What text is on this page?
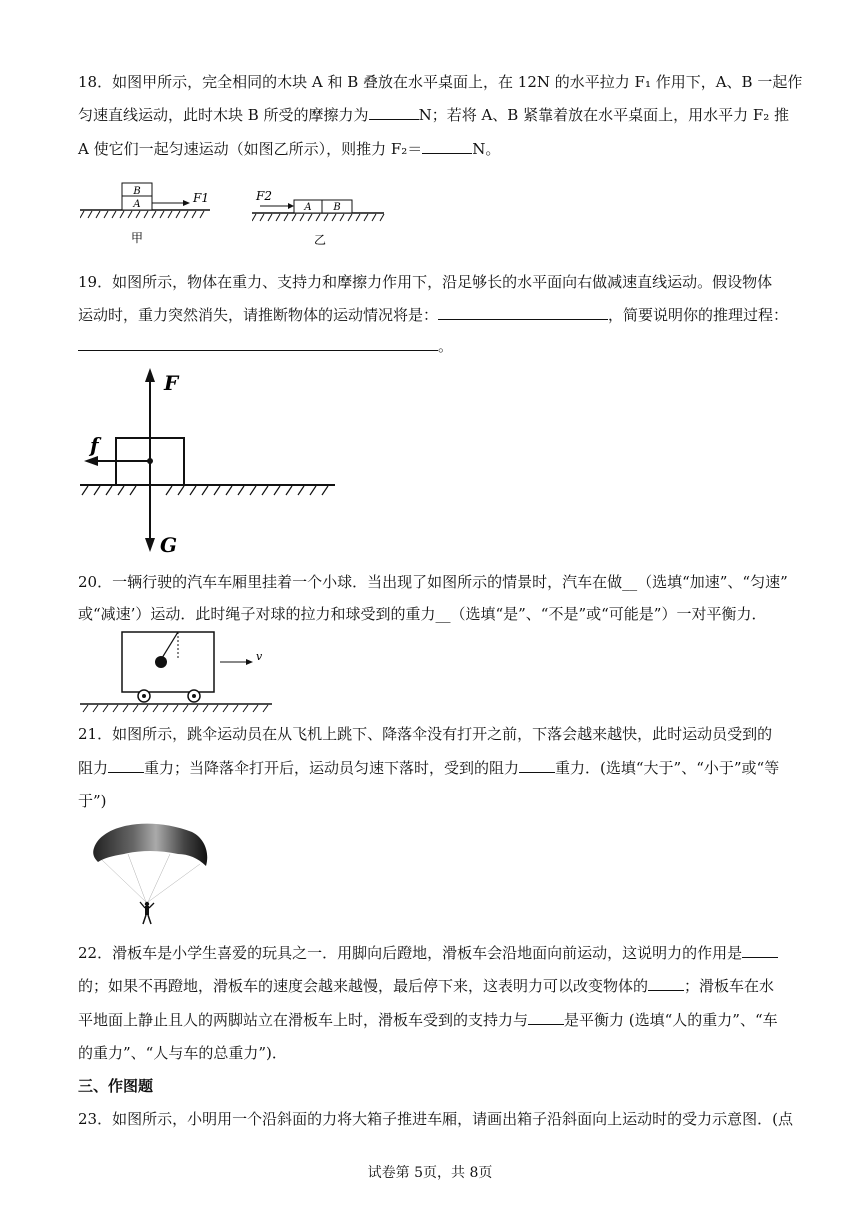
18．如图甲所示，完全相同的木块 A 和 B 叠放在水平桌面上，在 12N 的水平拉力 F₁ 作用下，A、B 一起作
匀速直线运动，此时木块 B 所受的摩擦力为	N；若将 A、B 紧靠着放在水平桌面上，用水平力 F₂ 推
A 使它们一起匀速运动（如图乙所示），则推力 F₂＝	N。
B
A	F1
甲
A B
F2
乙
19．如图所示，物体在重力、支持力和摩擦力作用下，沿足够长的水平面向右做减速直线运动。假设物体
运动时，重力突然消失，请推断物体的运动情况将是：	，简要说明你的推理过程：
。
F
f
G
20．一辆行驶的汽车车厢里挂着一个小球．当出现了如图所示的情景时，汽车在做__（选填“加速”、“匀速”
或“减速’）运动．此时绳子对球的拉力和球受到的重力__（选填“是”、“不是”或“可能是”）一对平衡力．
v
21．如图所示，跳伞运动员在从飞机上跳下、降落伞没有打开之前，下落会越来越快，此时运动员受到的
阻力 重力；当降落伞打开后，运动员匀速下落时，受到的阻力 重力．(选填“大于”、“小于”或“等
于”)
22．滑板车是小学生喜爱的玩具之一．用脚向后蹬地，滑板车会沿地面向前运动，这说明力的作用是
的；如果不再蹬地，滑板车的速度会越来越慢，最后停下来，这表明力可以改变物体的 ；滑板车在水
平地面上静止且人的两脚站立在滑板车上时，滑板车受到的支持力与 是平衡力 (选填“人的重力”、“车
的重力”、“人与车的总重力”)．
三、作图题
23．如图所示，小明用一个沿斜面的力将大箱子推进车厢，请画出箱子沿斜面向上运动时的受力示意图．(点
试卷第 5页，共 8页
